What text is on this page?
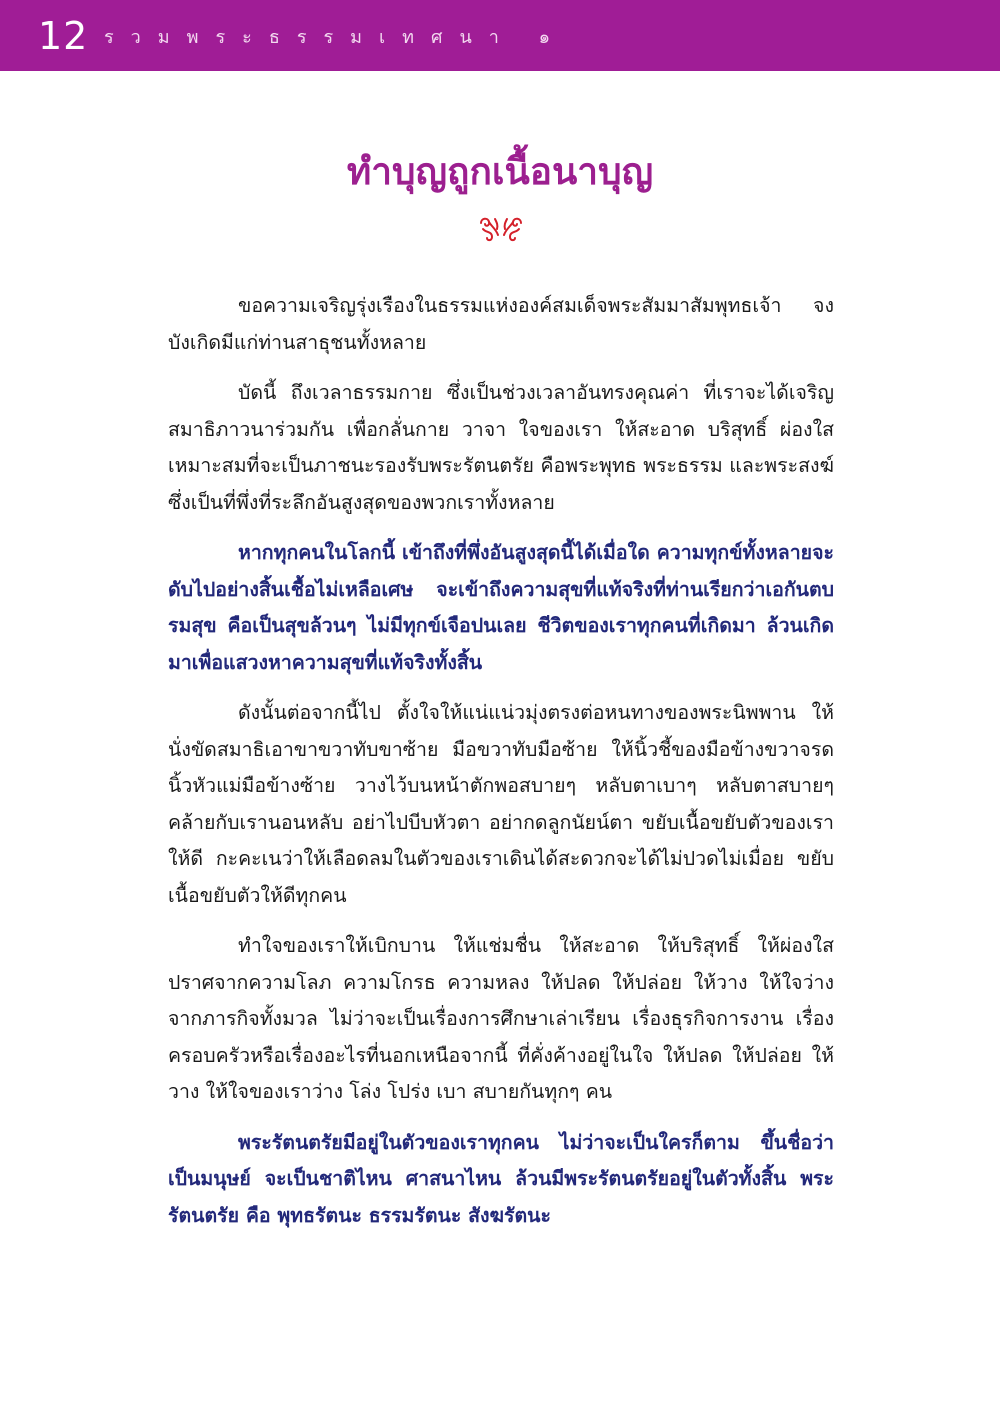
12 รวมพระธรรมเทศนา ๑
ทำบุญถูกเนื้อนาบุญ

ขอความเจริญรุ่งเรืองในธรรมแห่งองค์สมเด็จพระสัมมาสัมพุทธเจ้า จงบังเกิดมีแก่ท่านสาธุชนทั้งหลาย

บัดนี้ ถึงเวลาธรรมกาย ซึ่งเป็นช่วงเวลาอันทรงคุณค่า ที่เราจะได้เจริญสมาธิภาวนาร่วมกัน เพื่อกลั่นกาย วาจา ใจของเรา ให้สะอาด บริสุทธิ์ ผ่องใส เหมาะสมที่จะเป็นภาชนะรองรับพระรัตนตรัย คือพระพุทธ พระธรรม และพระสงฆ์ ซึ่งเป็นที่พึ่งที่ระลึกอันสูงสุดของพวกเราทั้งหลาย

หากทุกคนในโลกนี้ เข้าถึงที่พึ่งอันสูงสุดนี้ได้เมื่อใด ความทุกข์ทั้งหลายจะดับไปอย่างสิ้นเชื้อไม่เหลือเศษ จะเข้าถึงความสุขที่แท้จริงที่ท่านเรียกว่าเอกันตบรมสุข คือเป็นสุขล้วนๆ ไม่มีทุกข์เจือปนเลย ชีวิตของเราทุกคนที่เกิดมา ล้วนเกิดมาเพื่อแสวงหาความสุขที่แท้จริงทั้งสิ้น

ดังนั้นต่อจากนี้ไป ตั้งใจให้แน่แน่วมุ่งตรงต่อหนทางของพระนิพพาน ให้นั่งขัดสมาธิเอาขาขวาทับขาซ้าย มือขวาทับมือซ้าย ให้นิ้วชี้ของมือข้างขวาจรดนิ้วหัวแม่มือข้างซ้าย วางไว้บนหน้าตักพอสบายๆ หลับตาเบาๆ หลับตาสบายๆ คล้ายกับเรานอนหลับ อย่าไปบีบหัวตา อย่ากดลูกนัยน์ตา ขยับเนื้อขยับตัวของเราให้ดี กะคะเนว่าให้เลือดลมในตัวของเราเดินได้สะดวกจะได้ไม่ปวดไม่เมื่อย ขยับเนื้อขยับตัวให้ดีทุกคน

ทำใจของเราให้เบิกบาน ให้แช่มชื่น ให้สะอาด ให้บริสุทธิ์ ให้ผ่องใส ปราศจากความโลภ ความโกรธ ความหลง ให้ปลด ให้ปล่อย ให้วาง ให้ใจว่างจากภารกิจทั้งมวล ไม่ว่าจะเป็นเรื่องการศึกษาเล่าเรียน เรื่องธุรกิจการงาน เรื่องครอบครัวหรือเรื่องอะไรที่นอกเหนือจากนี้ ที่คั่งค้างอยู่ในใจ ให้ปลด ให้ปล่อย ให้วาง ให้ใจของเราว่าง โล่ง โปร่ง เบา สบายกันทุกๆ คน

พระรัตนตรัยมีอยู่ในตัวของเราทุกคน ไม่ว่าจะเป็นใครก็ตาม ขึ้นชื่อว่าเป็นมนุษย์ จะเป็นชาติไหน ศาสนาไหน ล้วนมีพระรัตนตรัยอยู่ในตัวทั้งสิ้น พระรัตนตรัย คือ พุทธรัตนะ ธรรมรัตนะ สังฆรัตนะ
